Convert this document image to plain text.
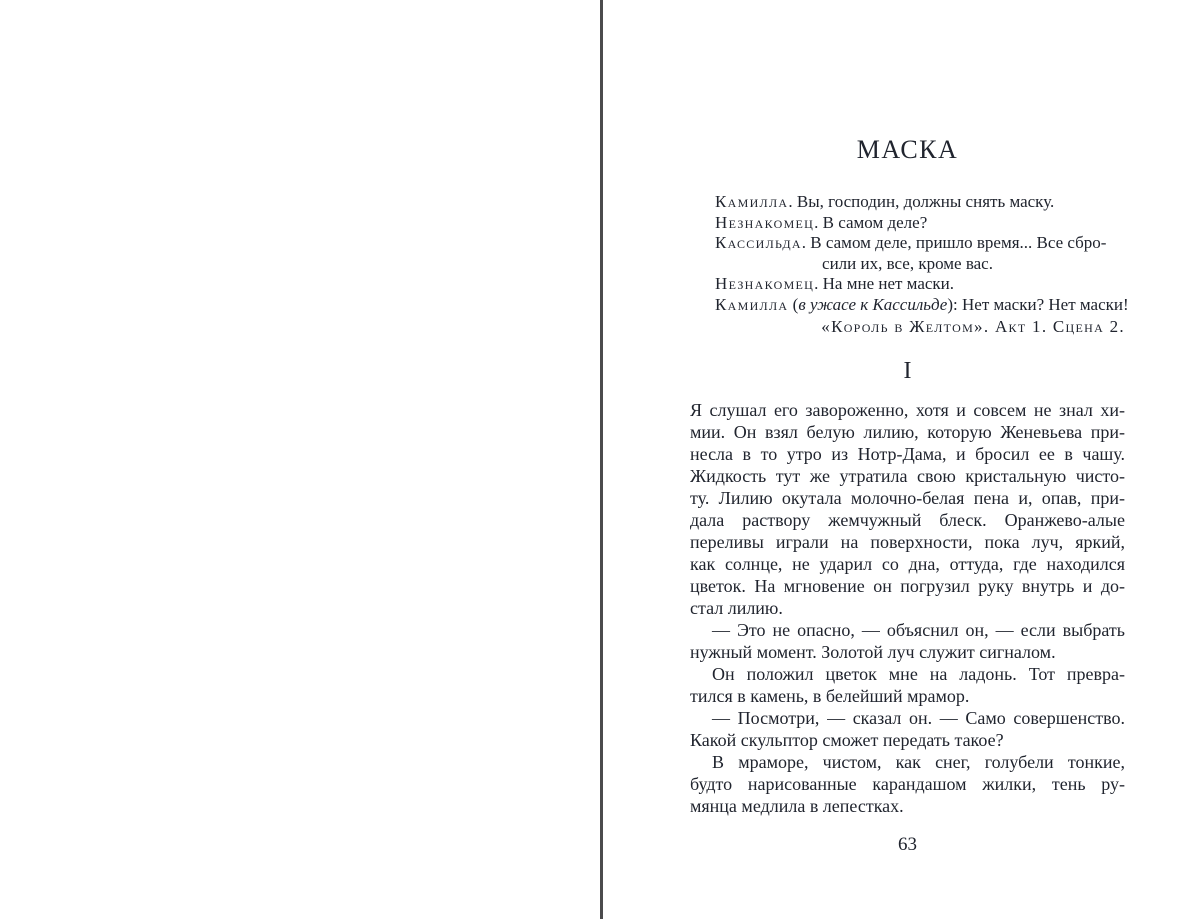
МАСКА
Камилла. Вы, господин, должны снять маску.
Незнакомец. В самом деле?
Кассильда. В самом деле, пришло время... Все сбро-
сили их, все, кроме вас.
Незнакомец. На мне нет маски.
Камилла (в ужасе к Кассильде): Нет маски? Нет маски!
«Король в Желтом». Акт 1. Сцена 2.
I
Я слушал его завороженно, хотя и совсем не знал хи-
мии. Он взял белую лилию, которую Женевьева при-
несла в то утро из Нотр-Дама, и бросил ее в чашу.
Жидкость тут же утратила свою кристальную чисто-
ту. Лилию окутала молочно-белая пена и, опав, при-
дала раствору жемчужный блеск. Оранжево-алые
переливы играли на поверхности, пока луч, яркий,
как солнце, не ударил со дна, оттуда, где находился
цветок. На мгновение он погрузил руку внутрь и до-
стал лилию.
— Это не опасно, — объяснил он, — если выбрать
нужный момент. Золотой луч служит сигналом.
Он положил цветок мне на ладонь. Тот превра-
тился в камень, в белейший мрамор.
— Посмотри, — сказал он. — Само совершенство.
Какой скульптор сможет передать такое?
В мраморе, чистом, как снег, голубели тонкие,
будто нарисованные карандашом жилки, тень ру-
мянца медлила в лепестках.
63
